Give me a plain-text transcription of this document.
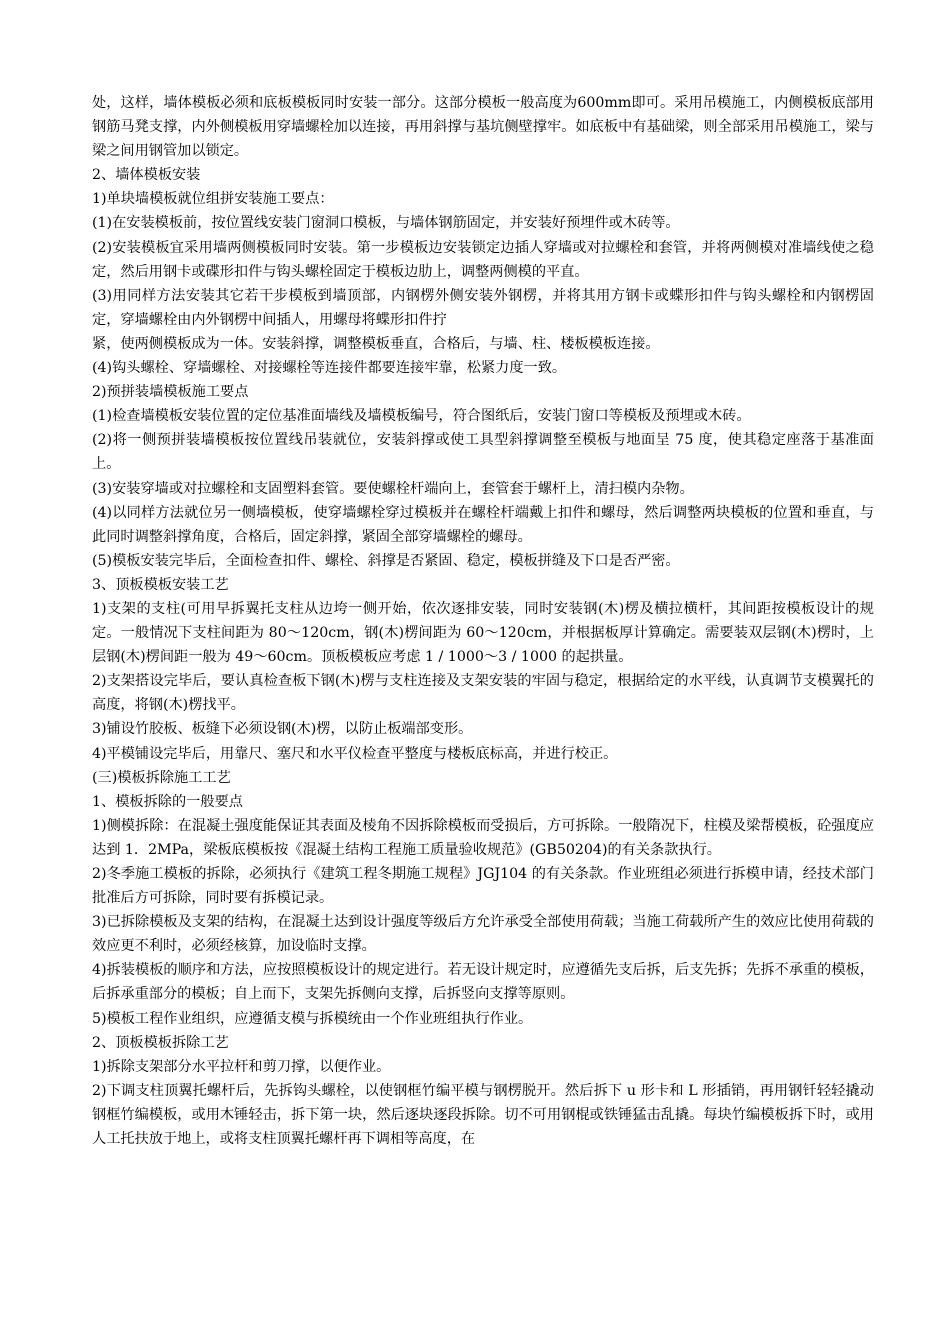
处，这样，墙体模板必须和底板模板同时安装一部分。这部分模板一般高度为600mm即可。采用吊模施工，内侧模板底部用钢筋马凳支撑，内外侧模板用穿墙螺栓加以连接，再用斜撑与基坑侧壁撑牢。如底板中有基础梁，则全部采用吊模施工，梁与梁之间用钢管加以锁定。

2、墙体模板安装

1)单块墙模板就位组拼安装施工要点：

(1)在安装模板前，按位置线安装门窗洞口模板，与墙体钢筋固定，并安装好预埋件或木砖等。

(2)安装模板宜采用墙两侧模板同时安装。第一步模板边安装锁定边插人穿墙或对拉螺栓和套管，并将两侧模对准墙线使之稳定，然后用钢卡或碟形扣件与钩头螺栓固定于模板边肋上，调整两侧模的平直。

(3)用同样方法安装其它若干步模板到墙顶部，内钢楞外侧安装外钢楞，并将其用方钢卡或蝶形扣件与钩头螺栓和内钢楞固定，穿墙螺栓由内外钢楞中间插人，用螺母将蝶形扣件拧

紧，使两侧模板成为一体。安装斜撑，调整模板垂直，合格后，与墙、柱、楼板模板连接。

(4)钩头螺栓、穿墙螺栓、对接螺栓等连接件都要连接牢靠，松紧力度一致。

2)预拼装墙模板施工要点

(1)检查墙模板安装位置的定位基准面墙线及墙模板编号，符合图纸后，安装门窗口等模板及预埋或木砖。

(2)将一侧预拼装墙模板按位置线吊装就位，安装斜撑或使工具型斜撑调整至模板与地面呈 75 度，使其稳定座落于基准面上。

(3)安装穿墙或对拉螺栓和支固塑料套管。要使螺栓杆端向上，套管套于螺杆上，清扫模内杂物。

(4)以同样方法就位另一侧墙模板，使穿墙螺栓穿过模板并在螺栓杆端戴上扣件和螺母，然后调整两块模板的位置和垂直，与此同时调整斜撑角度，合格后，固定斜撑，紧固全部穿墙螺栓的螺母。

(5)模板安装完毕后，全面检查扣件、螺栓、斜撑是否紧固、稳定，模板拼缝及下口是否严密。

3、顶板模板安装工艺

1)支架的支柱(可用早拆翼托支柱从边垮一侧开始，依次逐排安装，同时安装钢(木)楞及横拉横杆，其间距按模板设计的规定。一般情况下支柱间距为 80～120cm，钢(木)楞间距为 60～120cm，并根据板厚计算确定。需要装双层钢(木)楞时，上层钢(木)楞间距一般为 49～60cm。顶板模板应考虑 1 / 1000～3 / 1000 的起拱量。

2)支架搭设完毕后，要认真检查板下钢(木)楞与支柱连接及支架安装的牢固与稳定，根据给定的水平线，认真调节支模翼托的高度，将钢(木)楞找平。

3)铺设竹胶板、板缝下必须设钢(木)楞，以防止板端部变形。

4)平模铺设完毕后，用靠尺、塞尺和水平仪检查平整度与楼板底标高，并进行校正。

(三)模板拆除施工工艺

1、模板拆除的一般要点

1)侧模拆除：在混凝土强度能保证其表面及棱角不因拆除模板而受损后，方可拆除。一般隋况下，柱模及梁帮模板，砼强度应达到 1．2MPa，梁板底模板按《混凝土结构工程施工质量验收规范》(GB50204)的有关条款执行。

2)冬季施工模板的拆除，必须执行《建筑工程冬期施工规程》JGJ104 的有关条款。作业班组必须进行拆模申请，经技术部门批准后方可拆除，同时要有拆模记录。

3)已拆除模板及支架的结构，在混凝土达到设计强度等级后方允许承受全部使用荷载；当施工荷载所产生的效应比使用荷载的效应更不利时，必须经核算，加设临时支撑。

4)拆装模板的顺序和方法，应按照模板设计的规定进行。若无设计规定时，应遵循先支后拆，后支先拆；先拆不承重的模板，后拆承重部分的模板；自上而下，支架先拆侧向支撑，后拆竖向支撑等原则。

5)模板工程作业组织，应遵循支模与拆模统由一个作业班组执行作业。

2、顶板模板拆除工艺

1)拆除支架部分水平拉杆和剪刀撑，以便作业。

2)下调支柱顶翼托螺杆后，先拆钩头螺栓，以使钢框竹编平模与钢楞脱开。然后拆下 u 形卡和 L 形插销，再用钢钎轻轻撬动钢框竹编模板，或用木锤轻击，拆下第一块，然后逐块逐段拆除。切不可用钢棍或铁锤猛击乱撬。每块竹编模板拆下时，或用人工托扶放于地上，或将支柱顶翼托螺杆再下调相等高度，在
